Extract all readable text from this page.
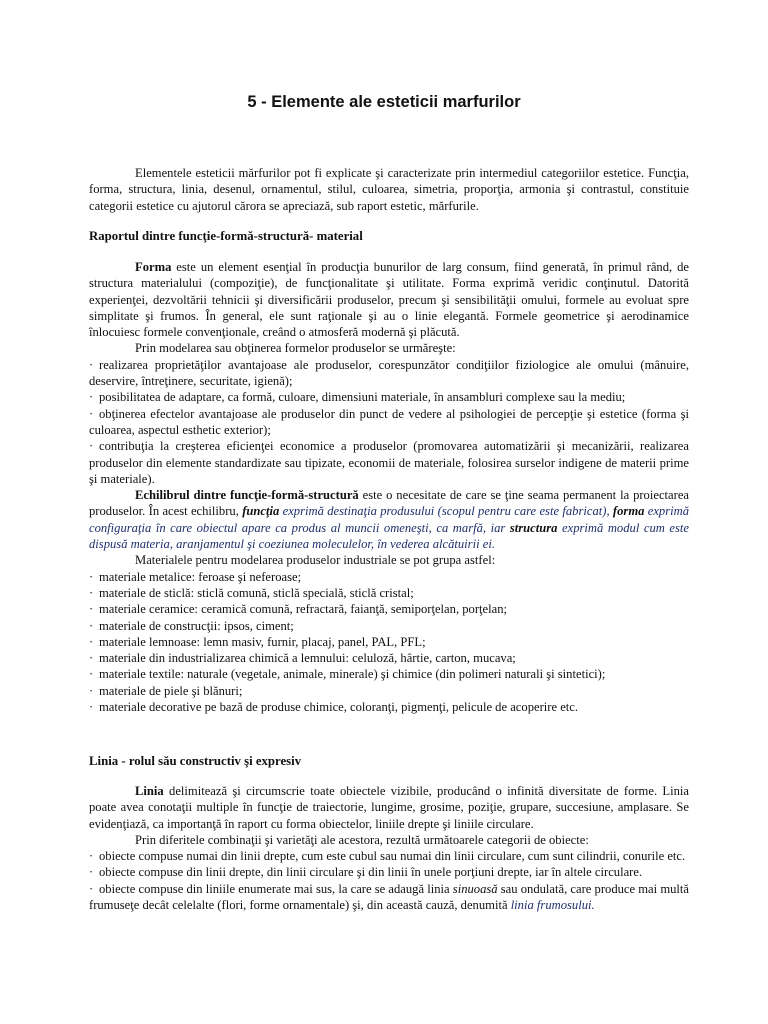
5 - Elemente ale esteticii marfurilor

Elementele esteticii mărfurilor pot fi explicate şi caracterizate prin intermediul categoriilor estetice. Funcţia, forma, structura, linia, desenul, ornamentul, stilul, culoarea, simetria, proporţia, armonia şi contrastul, constituie categorii estetice cu ajutorul cărora se apreciază, sub raport estetic, mărfurile.

Raportul dintre funcţie-formă-structură- material

Forma este un element esenţial în producţia bunurilor de larg consum, fiind generată, în primul rând, de structura materialului (compoziţie), de funcţionalitate şi utilitate. Forma exprimă veridic conţinutul. Datorită experienţei, dezvoltării tehnicii şi diversificării produselor, precum şi sensibilităţii omului, formele au evoluat spre simplitate şi frumos. În general, ele sunt raţionale şi au o linie elegantă. Formele geometrice şi aerodinamice înlocuiesc formele convenţionale, creând o atmosferă modernă şi plăcută.

Prin modelarea sau obţinerea formelor produselor se urmăreşte:

· realizarea proprietăţilor avantajoase ale produselor, corespunzător condiţiilor fiziologice ale omului (mânuire, deservire, întreţinere, securitate, igienă);

· posibilitatea de adaptare, ca formă, culoare, dimensiuni materiale, în ansambluri complexe sau la mediu;

· obţinerea efectelor avantajoase ale produselor din punct de vedere al psihologiei de percepţie şi estetice (forma şi culoarea, aspectul esthetic exterior);

· contribuţia la creşterea eficienţei economice a produselor (promovarea automatizării şi mecanizării, realizarea produselor din elemente standardizate sau tipizate, economii de materiale, folosirea surselor indigene de materii prime şi materiale).

Echilibrul dintre funcţie-formă-structură este o necesitate de care se ţine seama permanent la proiectarea produselor. În acest echilibru, funcţia exprimă destinaţia produsului (scopul pentru care este fabricat), forma exprimă configuraţia în care obiectul apare ca produs al muncii omeneşti, ca marfă, iar structura exprimă modul cum este dispusă materia, aranjamentul şi coeziunea moleculelor, în vederea alcătuirii ei.

Materialele pentru modelarea produselor industriale se pot grupa astfel:

· materiale metalice: feroase şi neferoase;

· materiale de sticlă: sticlă comună, sticlă specială, sticlă cristal;

· materiale ceramice: ceramică comună, refractară, faianţă, semiporţelan, porţelan;

· materiale de construcţii: ipsos, ciment;

· materiale lemnoase: lemn masiv, furnir, placaj, panel, PAL, PFL;

· materiale din industrializarea chimică a lemnului: celuloză, hârtie, carton, mucava;

· materiale textile: naturale (vegetale, animale, minerale) şi chimice (din polimeri naturali şi sintetici);

· materiale de piele şi blănuri;

· materiale decorative pe bază de produse chimice, coloranţi, pigmenţi, pelicule de acoperire etc.

Linia - rolul său constructiv şi expresiv

Linia delimitează şi circumscrie toate obiectele vizibile, producând o infinită diversitate de forme. Linia poate avea conotaţii multiple în funcţie de traiectorie, lungime, grosime, poziţie, grupare, succesiune, amplasare. Se evidenţiază, ca importanţă în raport cu forma obiectelor, liniile drepte şi liniile circulare.

Prin diferitele combinaţii şi varietăţi ale acestora, rezultă următoarele categorii de obiecte:

· obiecte compuse numai din linii drepte, cum este cubul sau numai din linii circulare, cum sunt cilindrii, conurile etc.

· obiecte compuse din linii drepte, din linii circulare şi din linii în unele porţiuni drepte, iar în altele circulare.

· obiecte compuse din liniile enumerate mai sus, la care se adaugă linia sinuoasă sau ondulată, care produce mai multă frumuseţe decât celelalte (flori, forme ornamentale) şi, din această cauză, denumită linia frumosului.
